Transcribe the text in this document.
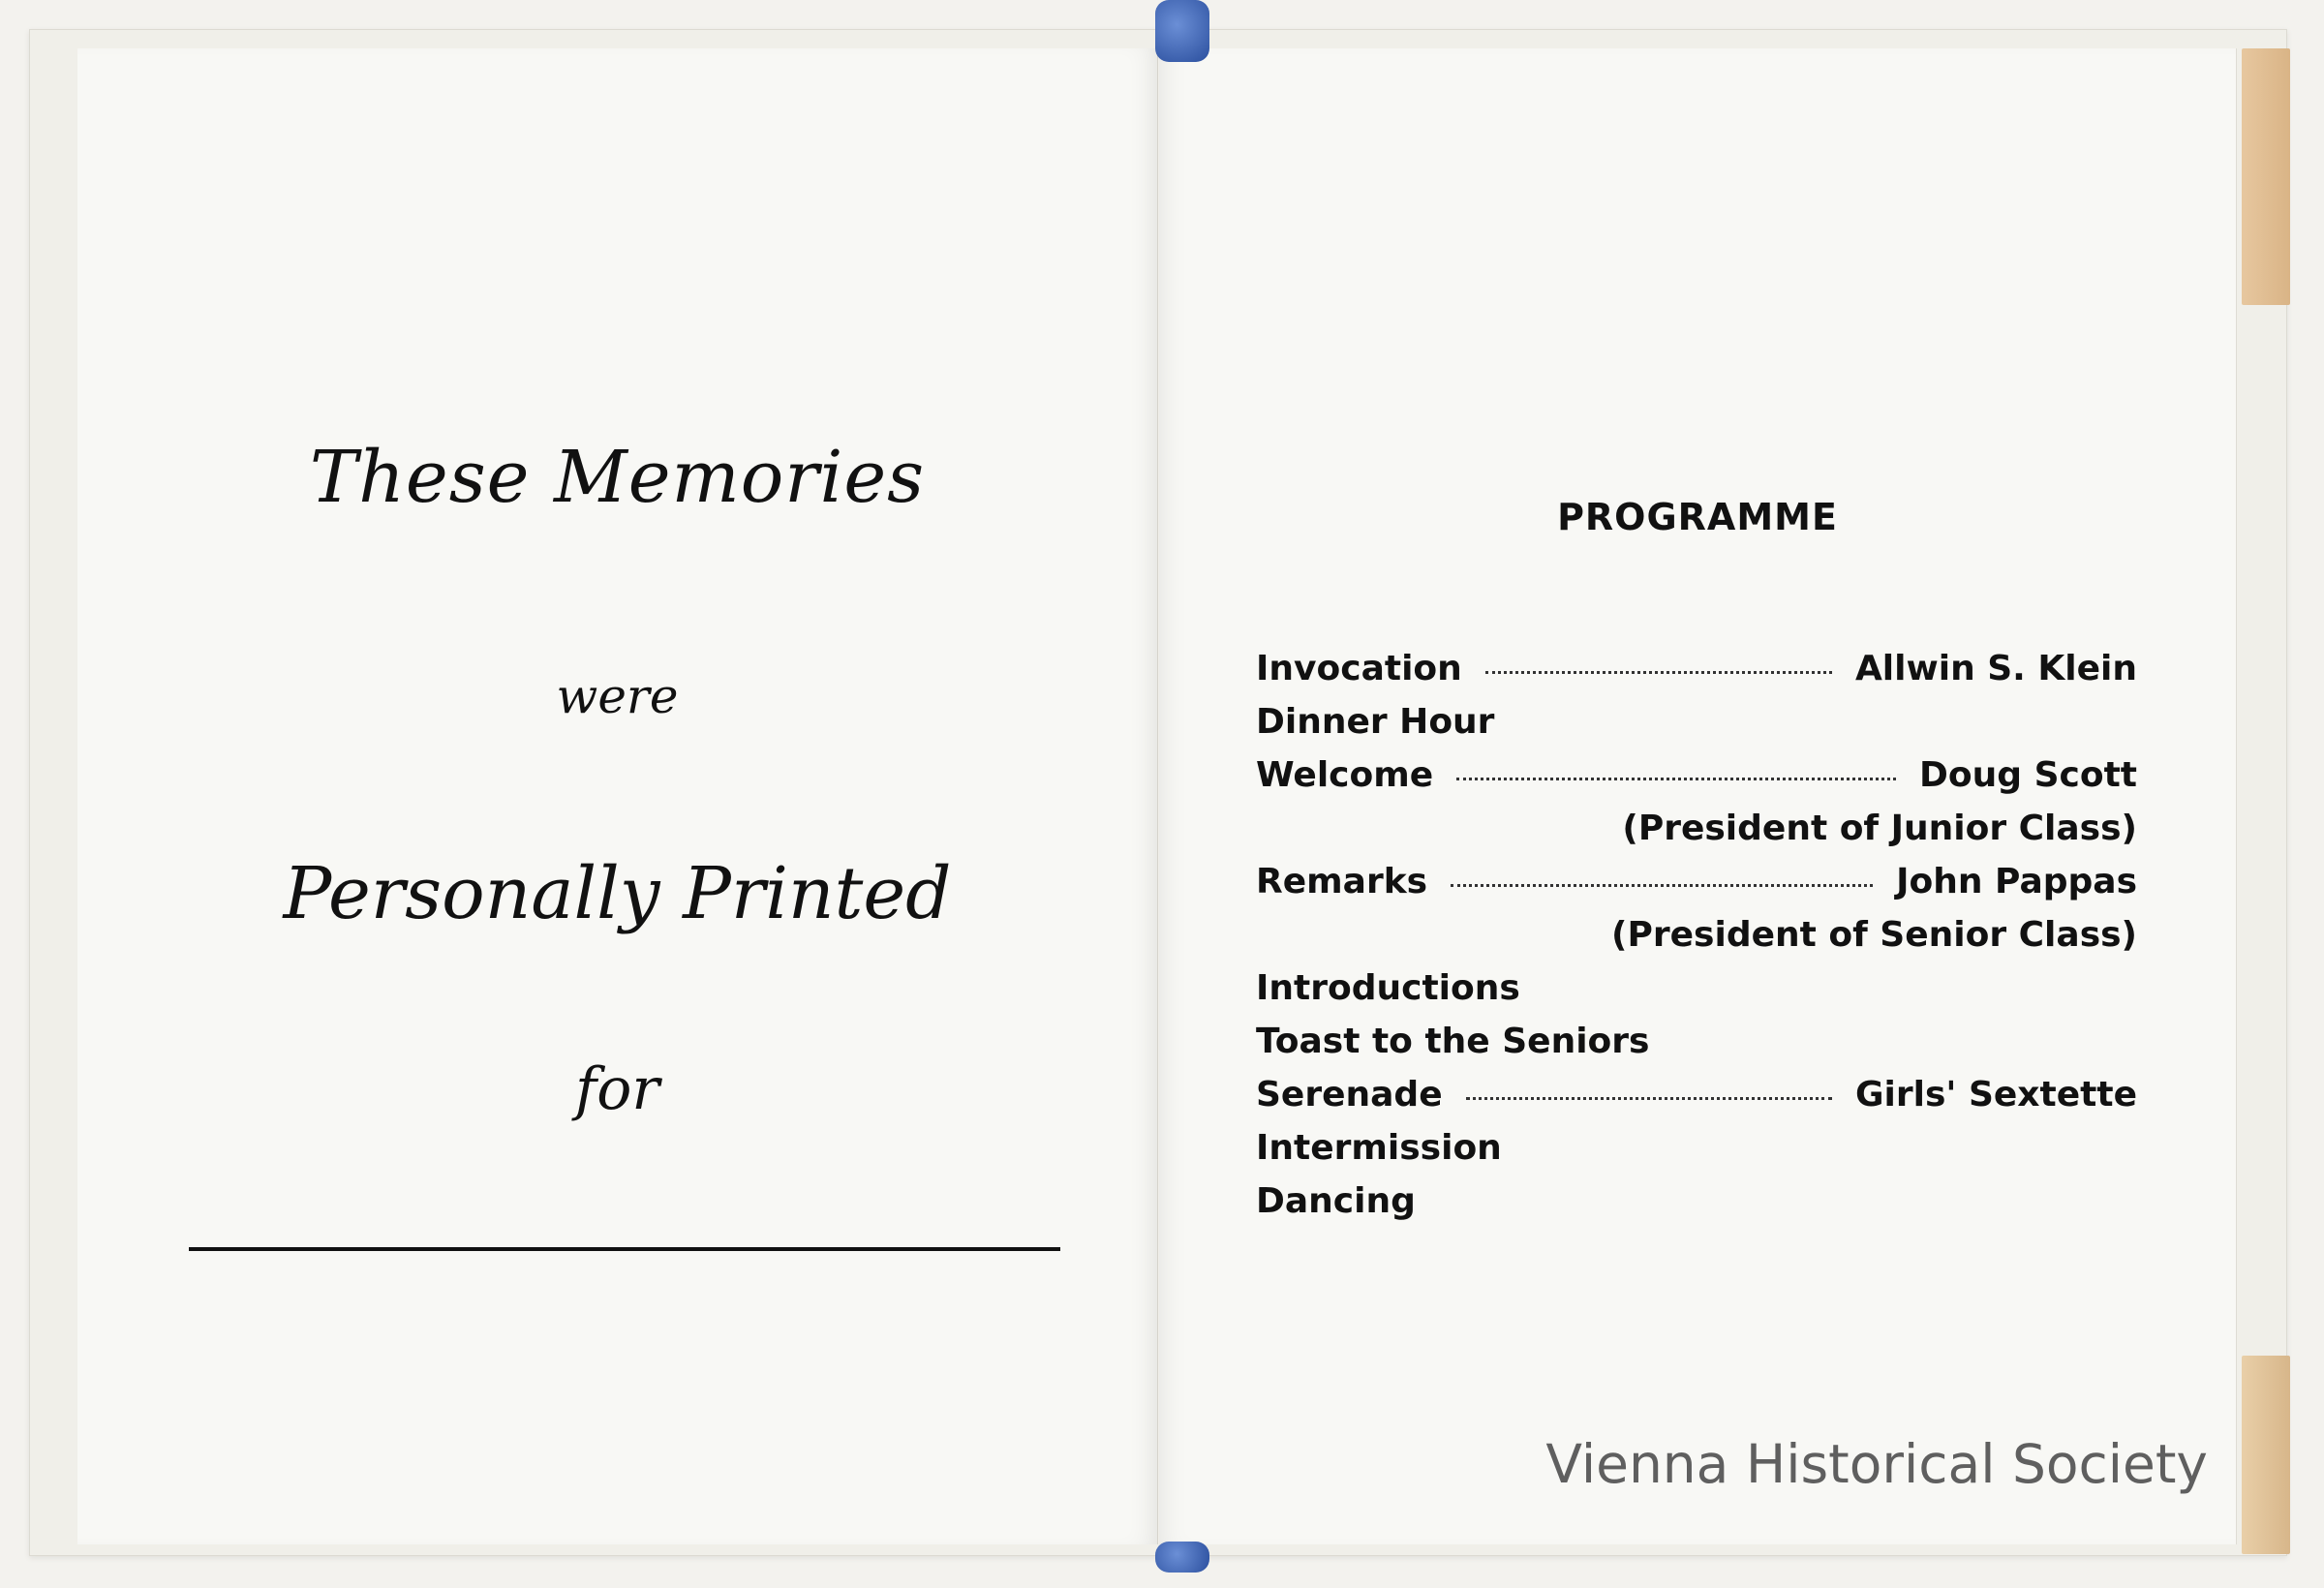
These Memories
were
Personally Printed
for
PROGRAMME
Invocation	Allwin S. Klein
Dinner Hour
Welcome	Doug Scott
(President of Junior Class)
Remarks	John Pappas
(President of Senior Class)
Introductions
Toast to the Seniors
Serenade	Girls' Sextette
Intermission
Dancing
Vienna Historical Society
